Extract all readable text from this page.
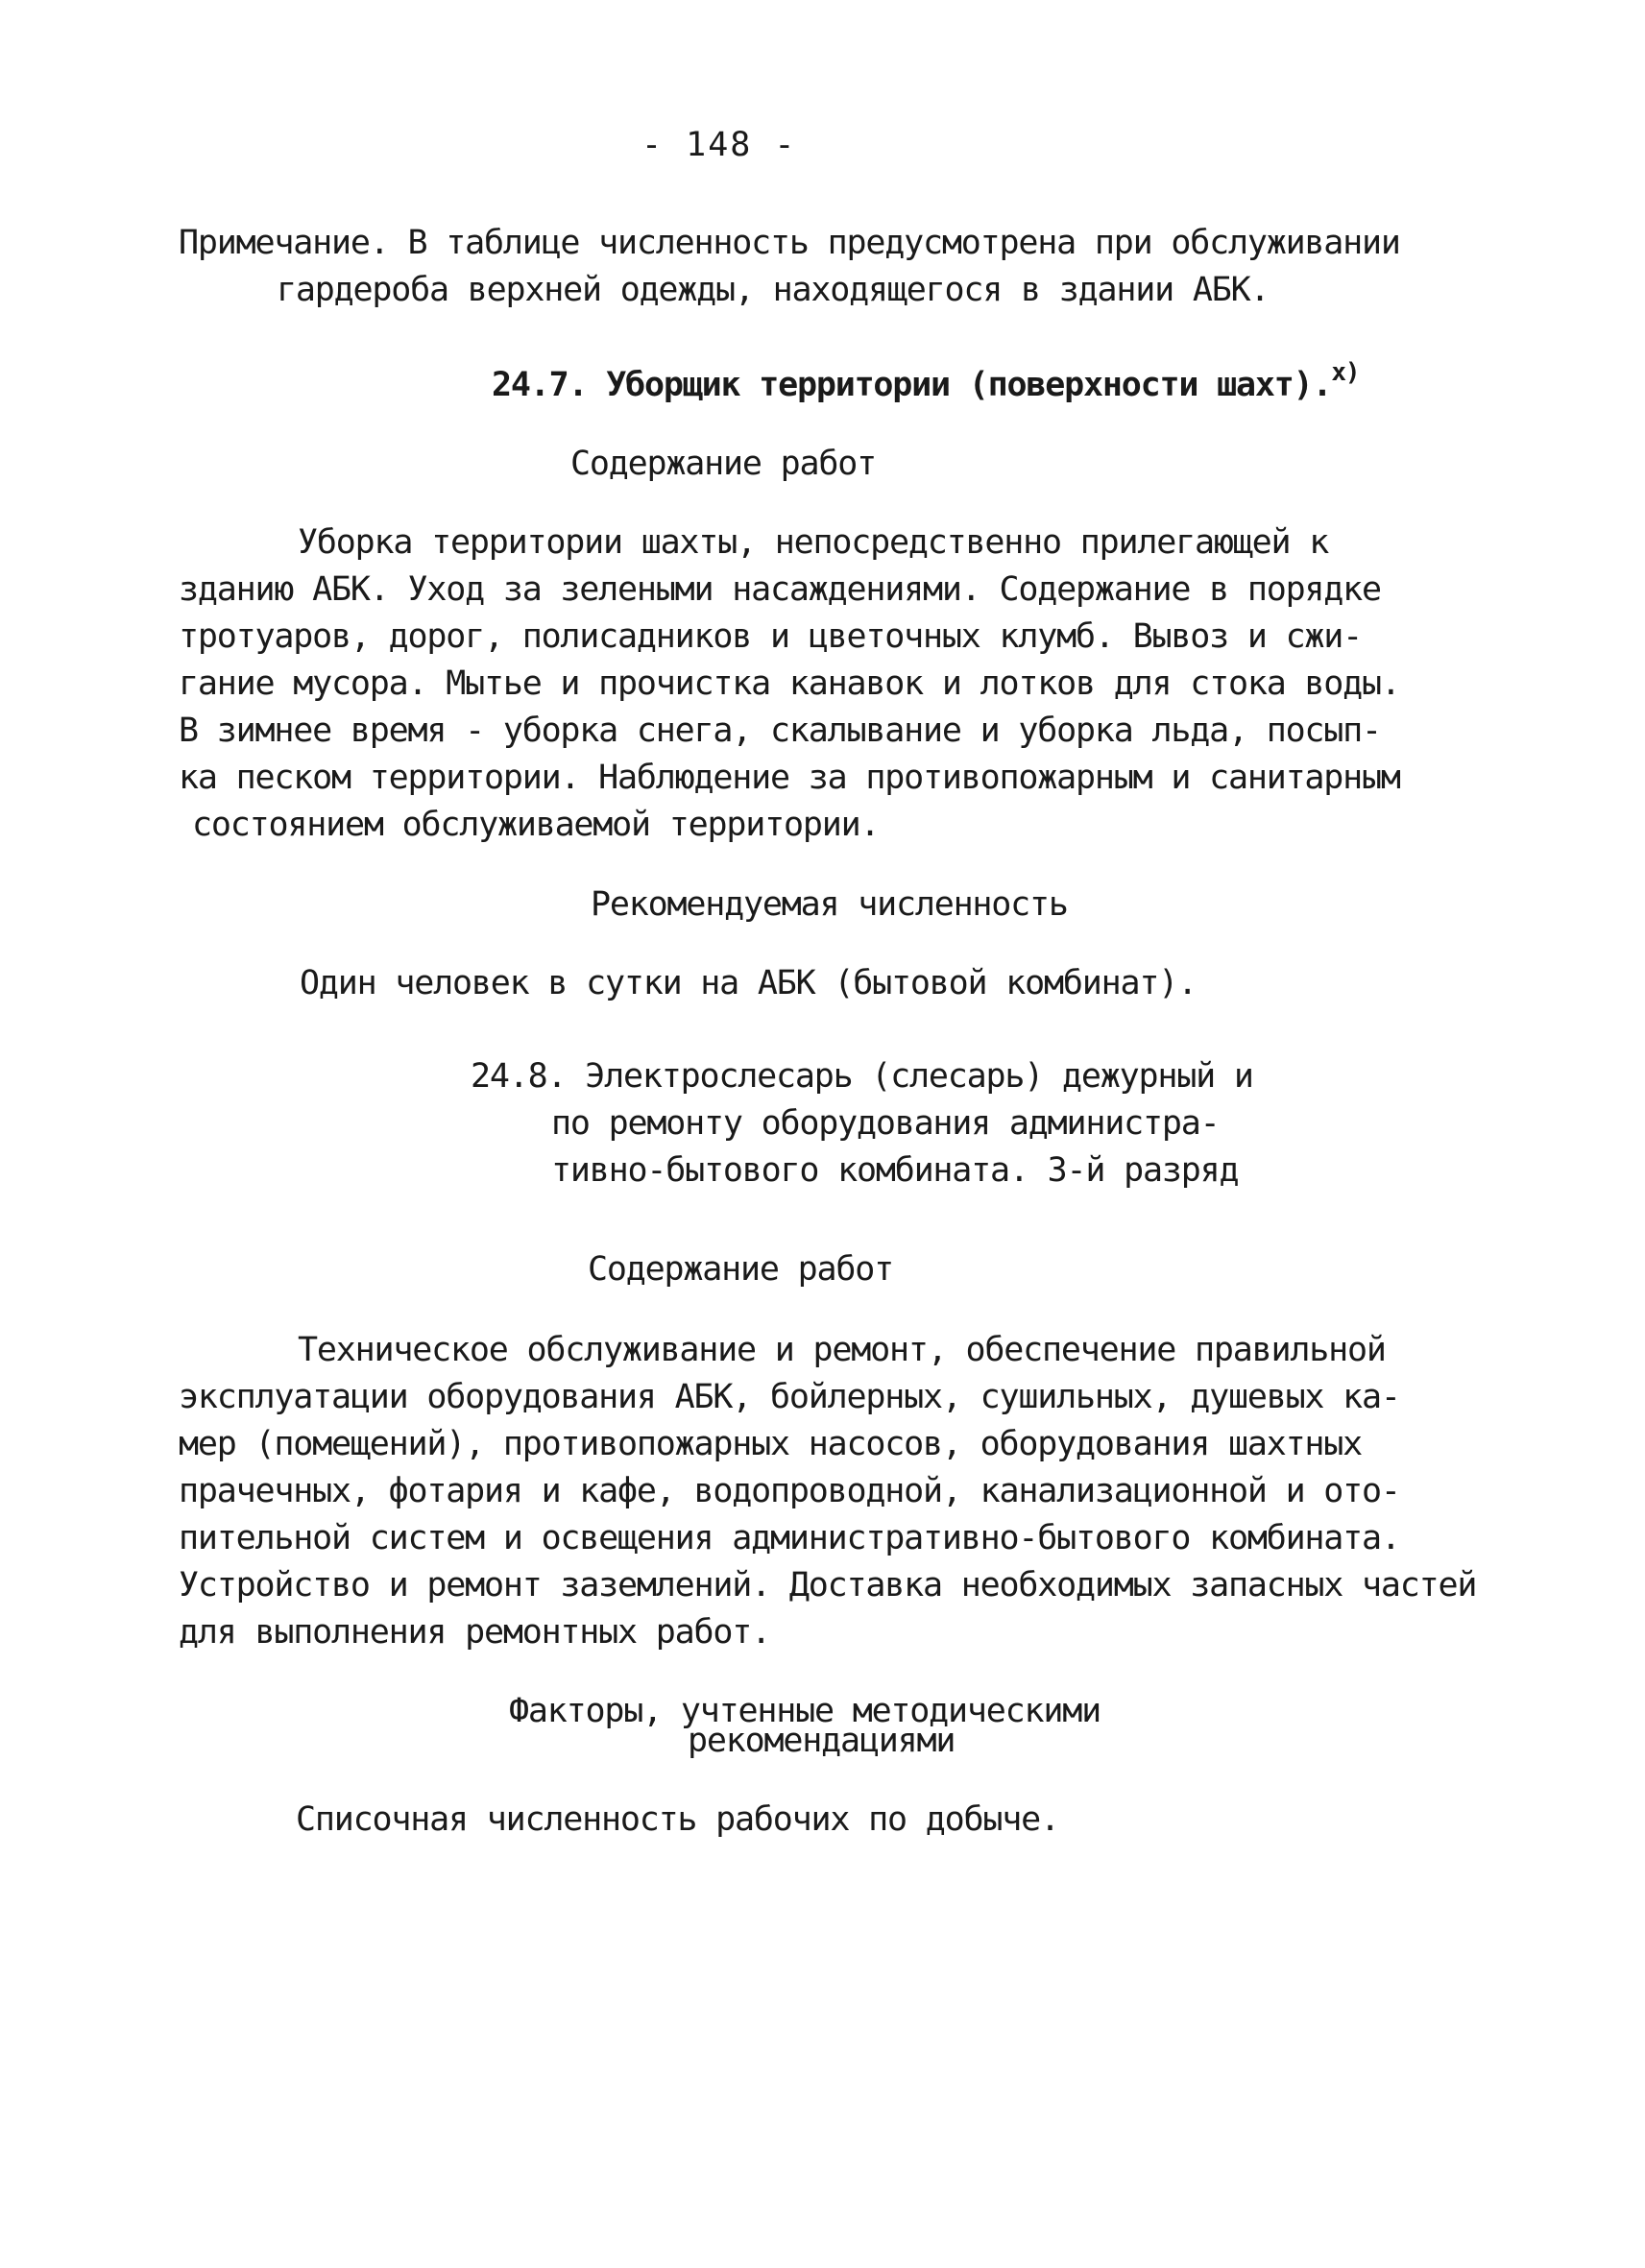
- 148 -
Примечание. В таблице численность предусмотрена при обслуживании
гардероба верхней одежды, находящегося в здании АБК.
24.7. Уборщик территории (поверхности шахт).$^{x)}$
Содержание работ
Уборка территории шахты, непосредственно прилегающей к
зданию АБК. Уход за зелеными насаждениями. Содержание в порядке
тротуаров, дорог, полисадников и цветочных клумб. Вывоз и сжи-
гание мусора. Мытье и прочистка канавок и лотков для стока воды.
В зимнее время - уборка снега, скалывание и уборка льда, посып-
ка песком территории. Наблюдение за противопожарным и санитарным
состоянием обслуживаемой территории.
Рекомендуемая численность
Один человек в сутки на АБК (бытовой комбинат).
24.8. Электрослесарь (слесарь) дежурный и
по ремонту оборудования администра-
тивно-бытового комбината. 3-й разряд
Содержание работ
Техническое обслуживание и ремонт, обеспечение правильной
эксплуатации оборудования АБК, бойлерных, сушильных, душевых ка-
мер (помещений), противопожарных насосов, оборудования шахтных
прачечных, фотария и кафе, водопроводной, канализационной и ото-
пительной систем и освещения административно-бытового комбината.
Устройство и ремонт заземлений. Доставка необходимых запасных частей
для выполнения ремонтных работ.
Факторы, учтенные методическими
рекомендациями
Списочная численность рабочих по добыче.
